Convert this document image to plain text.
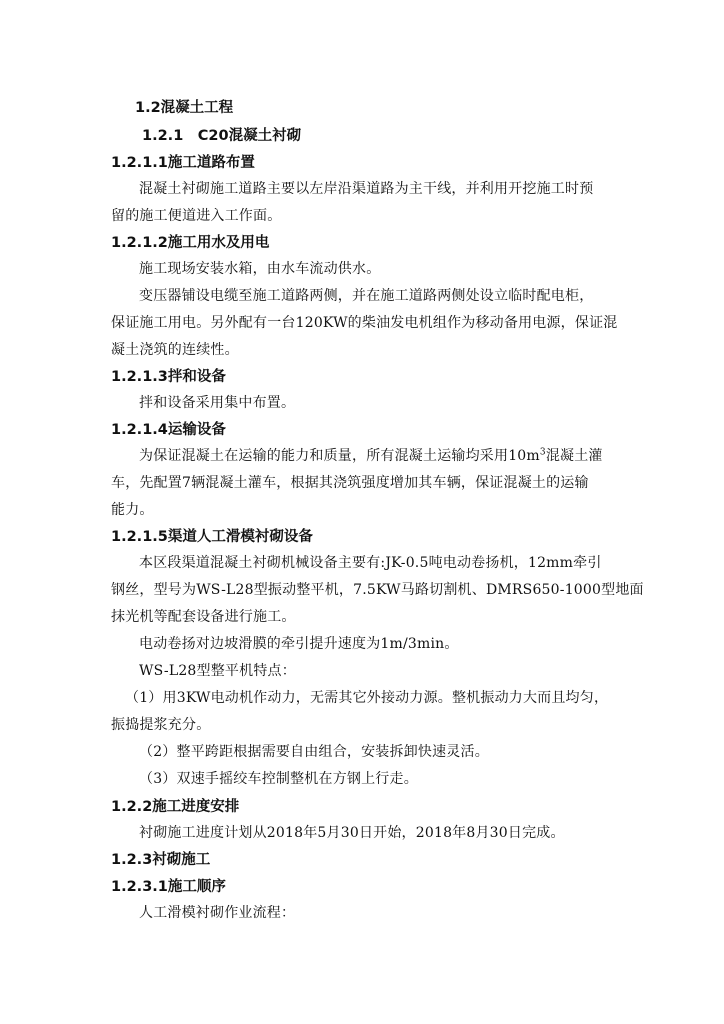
1.2混凝土工程
1.2.1　C20混凝土衬砌
1.2.1.1施工道路布置
混凝土衬砌施工道路主要以左岸沿渠道路为主干线，并利用开挖施工时预
留的施工便道进入工作面。
1.2.1.2施工用水及用电
施工现场安装水箱，由水车流动供水。
变压器铺设电缆至施工道路两侧，并在施工道路两侧处设立临时配电柜，
保证施工用电。另外配有一台120KW的柴油发电机组作为移动备用电源，保证混
凝土浇筑的连续性。
1.2.1.3拌和设备
拌和设备采用集中布置。
1.2.1.4运输设备
为保证混凝土在运输的能力和质量，所有混凝土运输均采用$10m^3$混凝土灌
车，先配置7辆混凝土灌车，根据其浇筑强度增加其车辆，保证混凝土的运输
能力。
1.2.1.5渠道人工滑模衬砌设备
本区段渠道混凝土衬砌机械设备主要有:JK-0.5吨电动卷扬机，12mm牵引
钢丝，型号为WS-L28型振动整平机，7.5KW马路切割机、DMRS650-1000型地面
抹光机等配套设备进行施工。
电动卷扬对边坡滑膜的牵引提升速度为1m/3min。
WS-L28型整平机特点：
（1）用3KW电动机作动力，无需其它外接动力源。整机振动力大而且均匀，
振捣提浆充分。
（2）整平跨距根据需要自由组合，安装拆卸快速灵活。
（3）双速手摇绞车控制整机在方钢上行走。
1.2.2施工进度安排
衬砌施工进度计划从2018年5月30日开始，2018年8月30日完成。
1.2.3衬砌施工
1.2.3.1施工顺序
人工滑模衬砌作业流程：
